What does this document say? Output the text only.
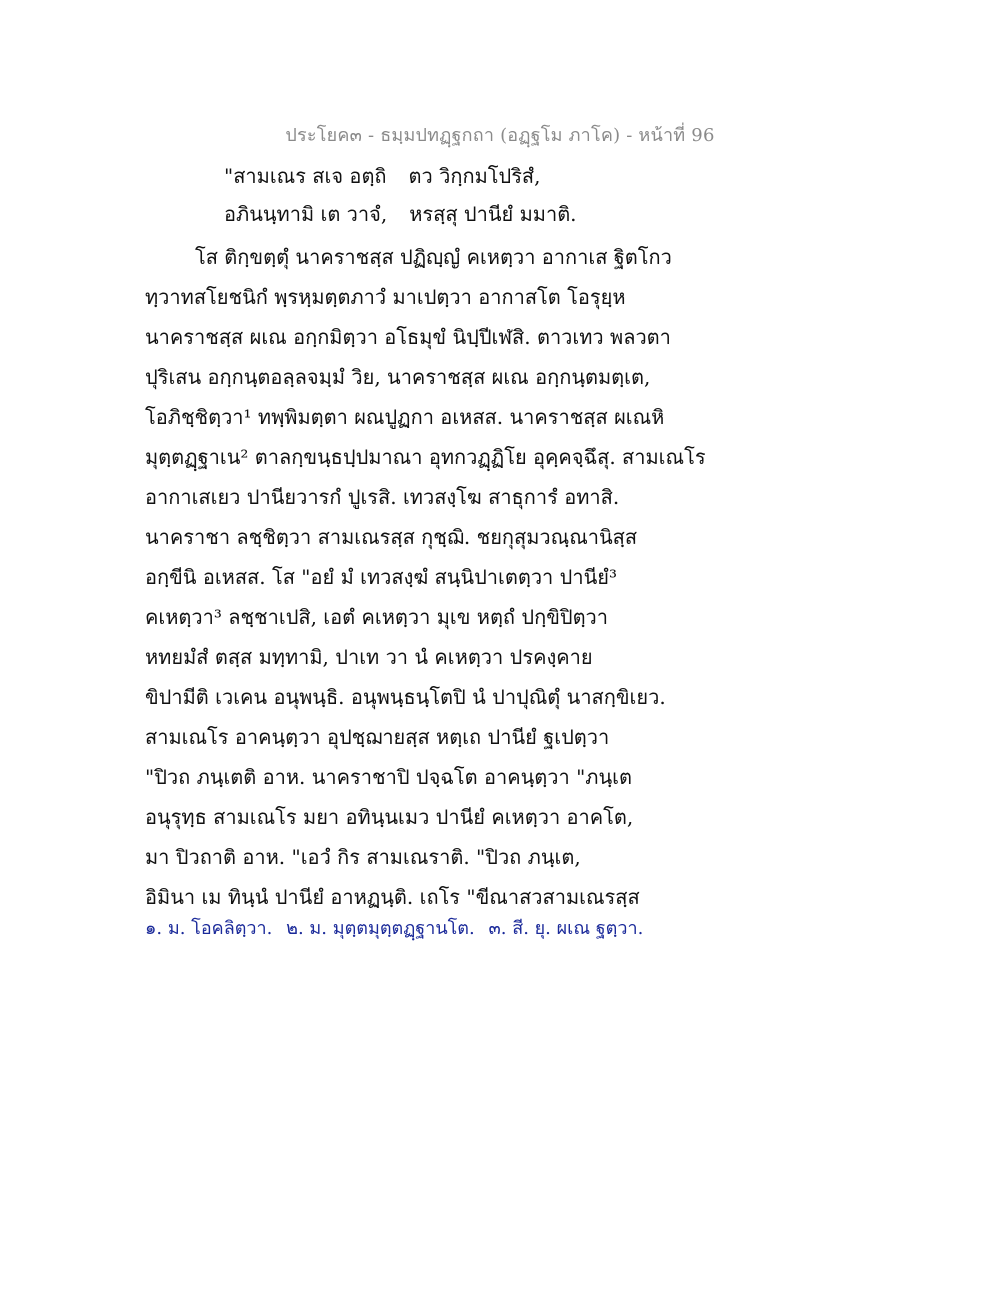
ประโยค๓ - ธมฺมปทฏฺฐกถา (อฏฺฐโม ภาโค) - หน้าที่ 96
"สามเณร สเจ อตฺถิ ตว วิกฺกมโปริสํ,
อภินนฺทามิ เต วาจํ, หรสฺสุ ปานียํ มมาติ.
โส ติกฺขตฺตุํ นาคราชสฺส ปฏิญฺญํ คเหตฺวา อากาเส ฐิตโกว
ทฺวาทสโยชนิกํ พฺรหฺมตฺตภาวํ มาเปตฺวา อากาสโต โอรุยฺห
นาคราชสฺส ผเณ อกฺกมิตฺวา อโธมุขํ นิปฺปีเฬสิ. ตาวเทว พลวตา
ปุริเสน อกฺกนฺตอลฺลจมฺมํ วิย, นาคราชสฺส ผเณ อกฺกนฺตมตฺเต,
โอภิชฺชิตฺวา¹ ทพฺพิมตฺตา ผณปูฏกา อเหสส. นาคราชสฺส ผเณหิ
มุตฺตฏฺฐาเน² ตาลกฺขนฺธปฺปมาณา อุทกวฏฺฏิโย อุคฺคจฺฉึสุ. สามเณโร
อากาเสเยว ปานียวารกํ ปูเรสิ. เทวสงฺโฆ สาธุการํ อทาสิ.
นาคราชา ลชฺชิตฺวา สามเณรสฺส กุชฺฌิ. ชยกุสุมวณฺณานิสฺส
อกฺขีนิ อเหสส. โส "อยํ มํ เทวสงฺฆํ สนฺนิปาเตตฺวา ปานียํ³
คเหตฺวา³ ลชฺชาเปสิ, เอตํ คเหตฺวา มุเข หตฺถํ ปกฺขิปิตฺวา
หทยมํสํ ตสฺส มทฺทามิ, ปาเท วา นํ คเหตฺวา ปรคงฺคาย
ขิปามีติ เวเคน อนุพนฺธิ. อนุพนฺธนฺโตปิ นํ ปาปุณิตุํ นาสกฺขิเยว.
สามเณโร อาคนฺตฺวา อุปชฺฌายสฺส หตฺเถ ปานียํ ฐเปตฺวา
"ปิวถ ภนฺเตติ อาห. นาคราชาปิ ปจฺฉโต อาคนฺตฺวา "ภนฺเต
อนุรุทฺธ สามเณโร มยา อทินฺนเมว ปานียํ คเหตฺวา อาคโต,
มา ปิวถาติ อาห. "เอวํ กิร สามเณราติ. "ปิวถ ภนฺเต,
อิมินา เม ทินฺนํ ปานียํ อาหฏนฺติ. เถโร "ขีณาสวสามเณรสฺส
๑. ม. โอคลิตฺวา. ๒. ม. มุตฺตมุตฺตฏฺฐานโต. ๓. สี. ยุ. ผเณ ฐตฺวา.
